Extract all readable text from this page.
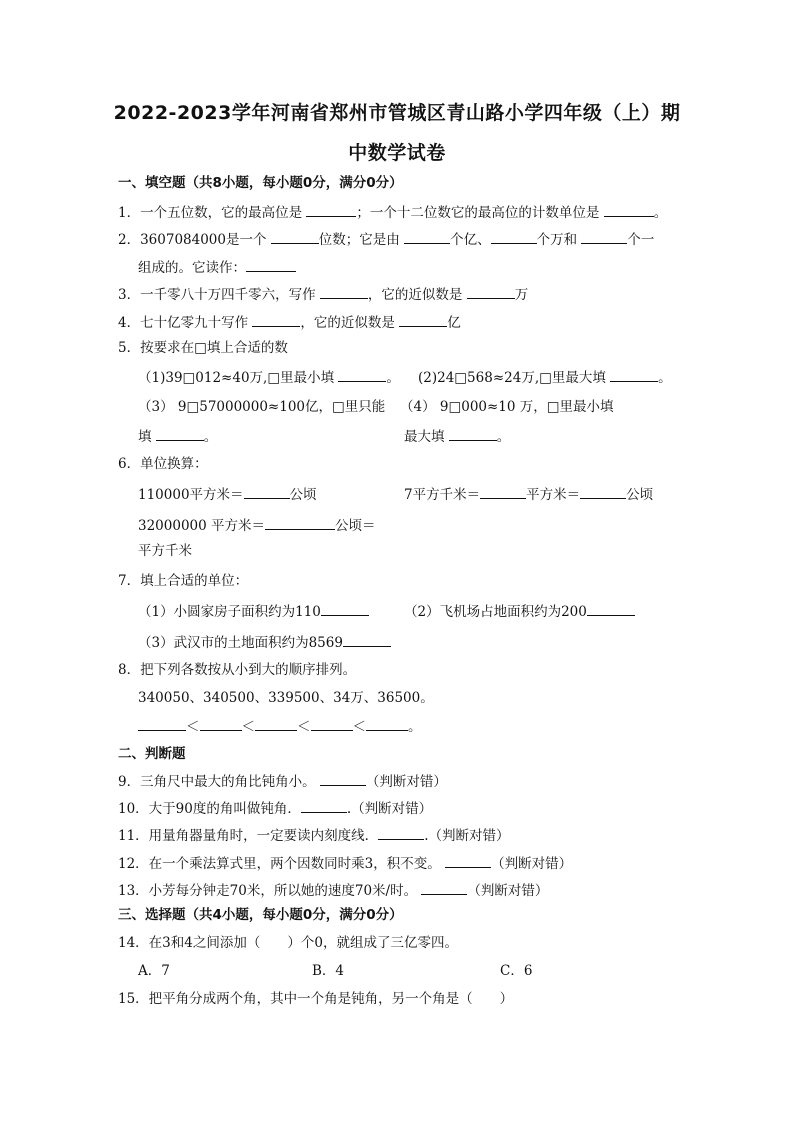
2022-2023学年河南省郑州市管城区青山路小学四年级（上）期
中数学试卷
一、填空题（共8小题，每小题0分，满分0分）
1．一个五位数，它的最高位是	；一个十二位数它的最高位的计数单位是	。
2．3607084000是一个	位数；它是由	个亿、	个万和	个一
组成的。它读作：
3．一千零八十万四千零六，写作	，它的近似数是	万
4．七十亿零九十写作	，它的近似数是	亿
5．按要求在□填上合适的数
（1)39□012≈40万,□里最小填	。 (2)24□568≈24万,□里最大填	。
（3） 9□57000000≈100亿，□里只能
填	。
（4） 9□000≈10 万，□里最小填
最大填	。
6．单位换算：
110000平方米＝	公顷	7平方千米＝	平方米＝	公顷
32000000 平方米＝	公顷＝
平方千米
7．填上合适的单位：
（1）小圆家房子面积约为110	（2）飞机场占地面积约为200
（3）武汉市的土地面积约为8569
8．把下列各数按从小到大的顺序排列。
340050、340500、339500、34万、36500。
＜	＜	＜	＜	。
二、判断题
9．三角尺中最大的角比钝角小。	（判断对错）
10．大于90度的角叫做钝角．	.（判断对错）
11．用量角器量角时，一定要读内刻度线．	.（判断对错）
12．在一个乘法算式里，两个因数同时乘3，积不变。	（判断对错）
13．小芳每分钟走70米，所以她的速度70米/时。	（判断对错）
三、选择题（共4小题，每小题0分，满分0分）
14．在3和4之间添加（　　）个0，就组成了三亿零四。
A．7	B．4	C．6
15．把平角分成两个角，其中一个角是钝角，另一个角是（　　）
